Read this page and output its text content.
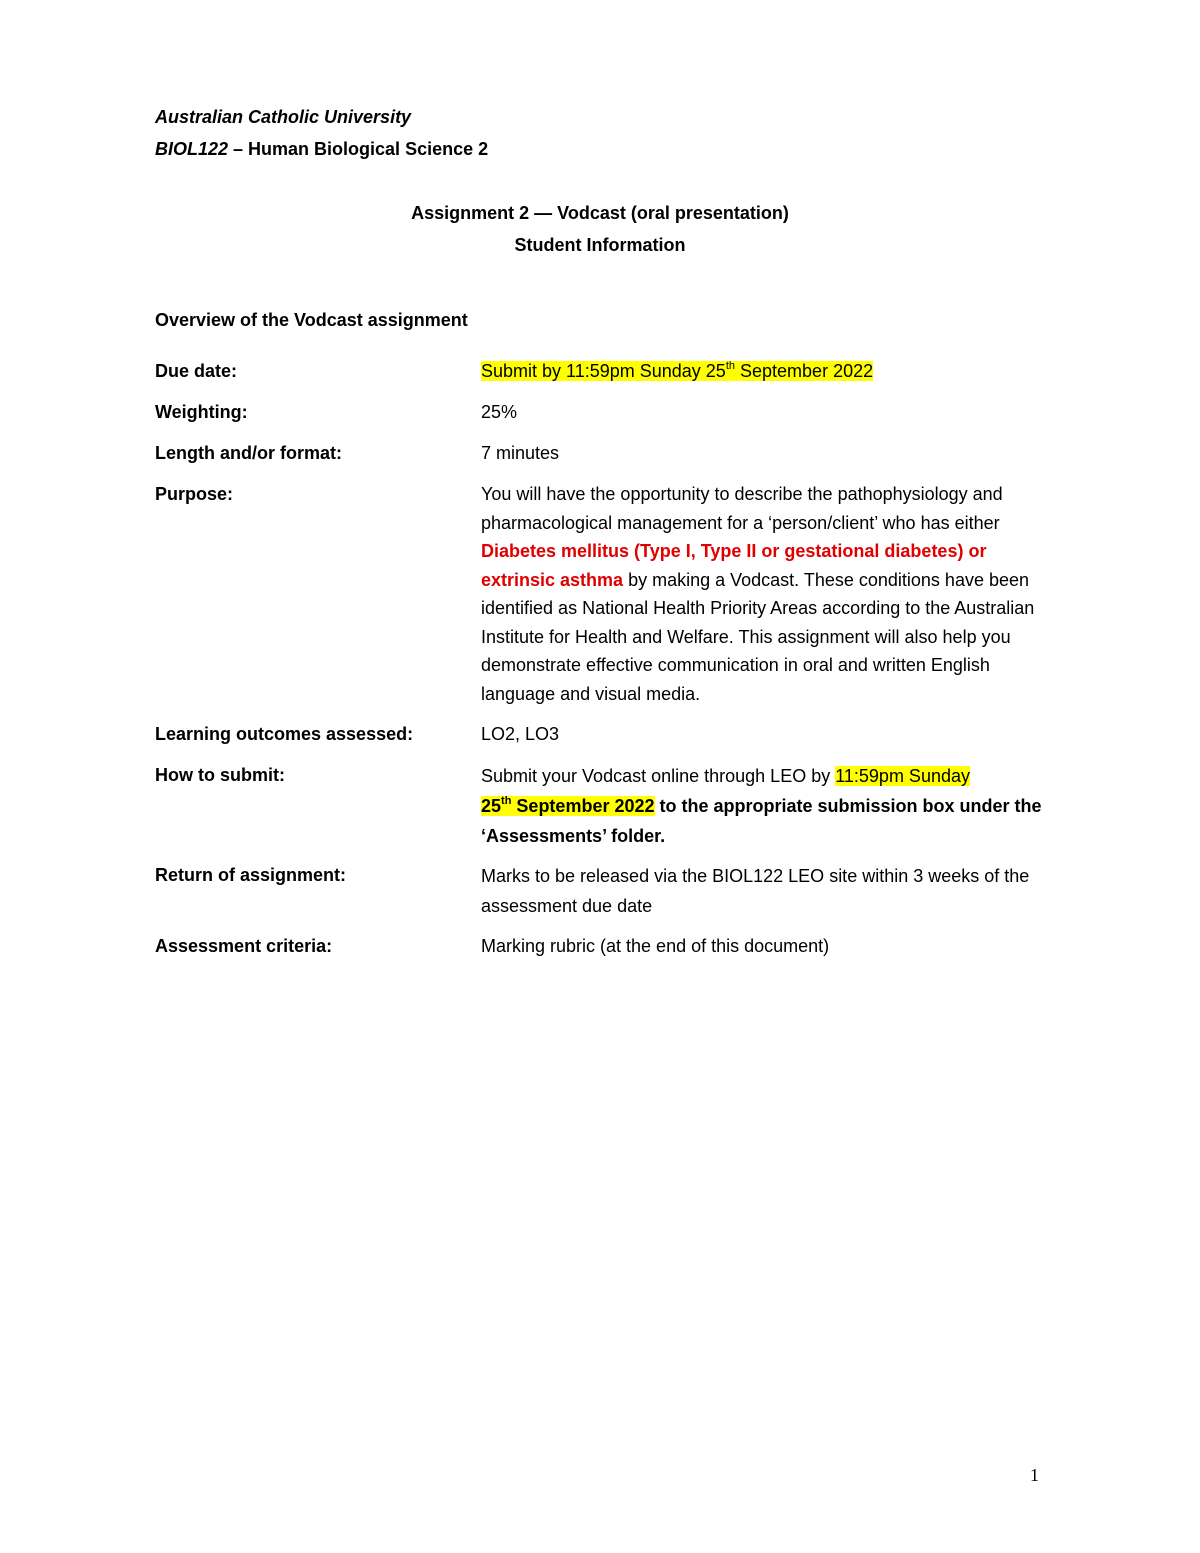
Australian Catholic University
BIOL122 – Human Biological Science 2
Assignment 2 — Vodcast (oral presentation)
Student Information
Overview of the Vodcast assignment
Due date:	Submit by 11:59pm Sunday 25th September 2022
Weighting:	25%
Length and/or format:	7 minutes
Purpose:	You will have the opportunity to describe the pathophysiology and pharmacological management for a ‘person/client’ who has either Diabetes mellitus (Type I, Type II or gestational diabetes) or extrinsic asthma by making a Vodcast. These conditions have been identified as National Health Priority Areas according to the Australian Institute for Health and Welfare. This assignment will also help you demonstrate effective communication in oral and written English language and visual media.
Learning outcomes assessed:	LO2, LO3
How to submit:	Submit your Vodcast online through LEO by 11:59pm Sunday
25th September 2022 to the appropriate submission box under the ‘Assessments’ folder.
Return of assignment:	Marks to be released via the BIOL122 LEO site within 3 weeks of the assessment due date
Assessment criteria:	Marking rubric (at the end of this document)
1
